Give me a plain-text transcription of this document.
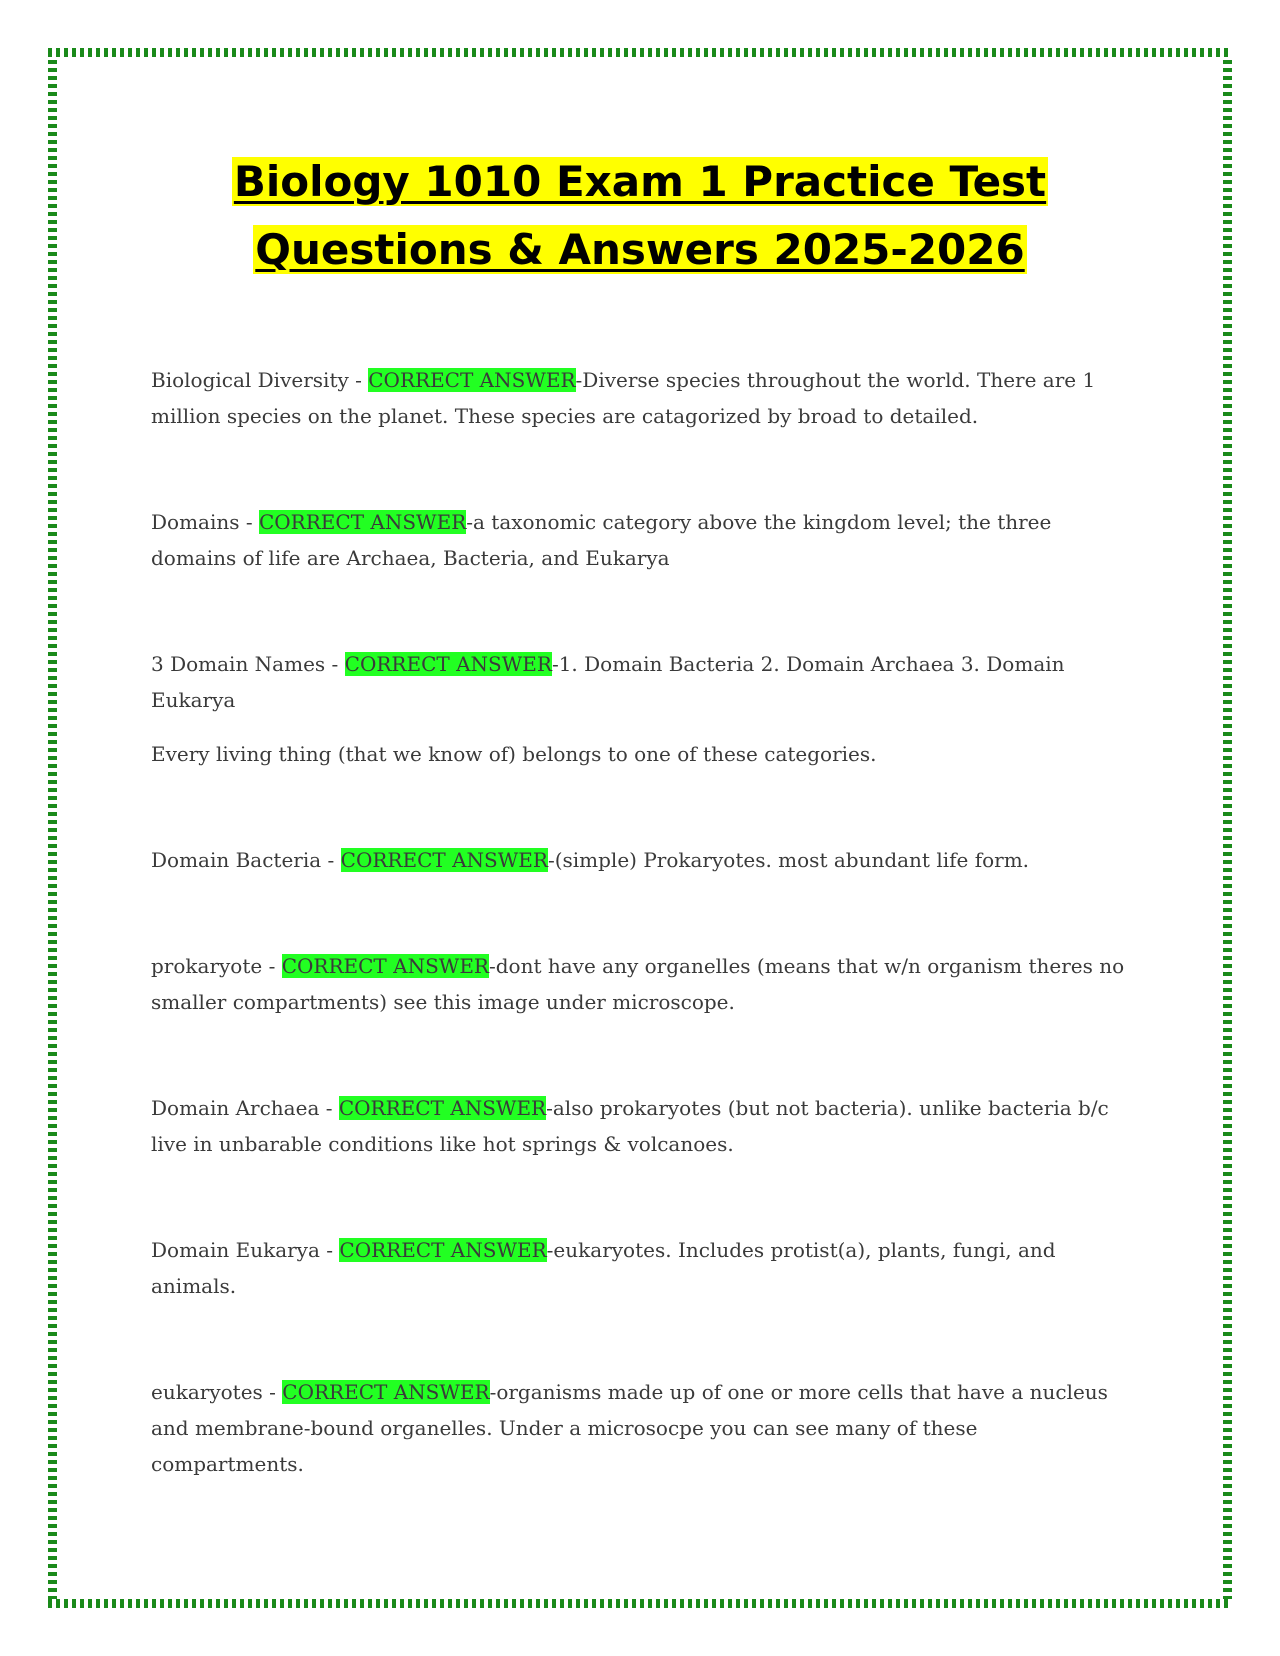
Biology 1010 Exam 1 Practice Test
Questions & Answers 2025-2026

Biological Diversity - CORRECT ANSWER-Diverse species throughout the world. There are 1 million species on the planet. These species are catagorized by broad to detailed.

Domains - CORRECT ANSWER-a taxonomic category above the kingdom level; the three domains of life are Archaea, Bacteria, and Eukarya

3 Domain Names - CORRECT ANSWER-1. Domain Bacteria 2. Domain Archaea 3. Domain Eukarya

Every living thing (that we know of) belongs to one of these categories.

Domain Bacteria - CORRECT ANSWER-(simple) Prokaryotes. most abundant life form.

prokaryote - CORRECT ANSWER-dont have any organelles (means that w/n organism theres no smaller compartments) see this image under microscope.

Domain Archaea - CORRECT ANSWER-also prokaryotes (but not bacteria). unlike bacteria b/c live in unbarable conditions like hot springs & volcanoes.

Domain Eukarya - CORRECT ANSWER-eukaryotes. Includes protist(a), plants, fungi, and animals.

eukaryotes - CORRECT ANSWER-organisms made up of one or more cells that have a nucleus and membrane-bound organelles. Under a microsocpe you can see many of these compartments.
